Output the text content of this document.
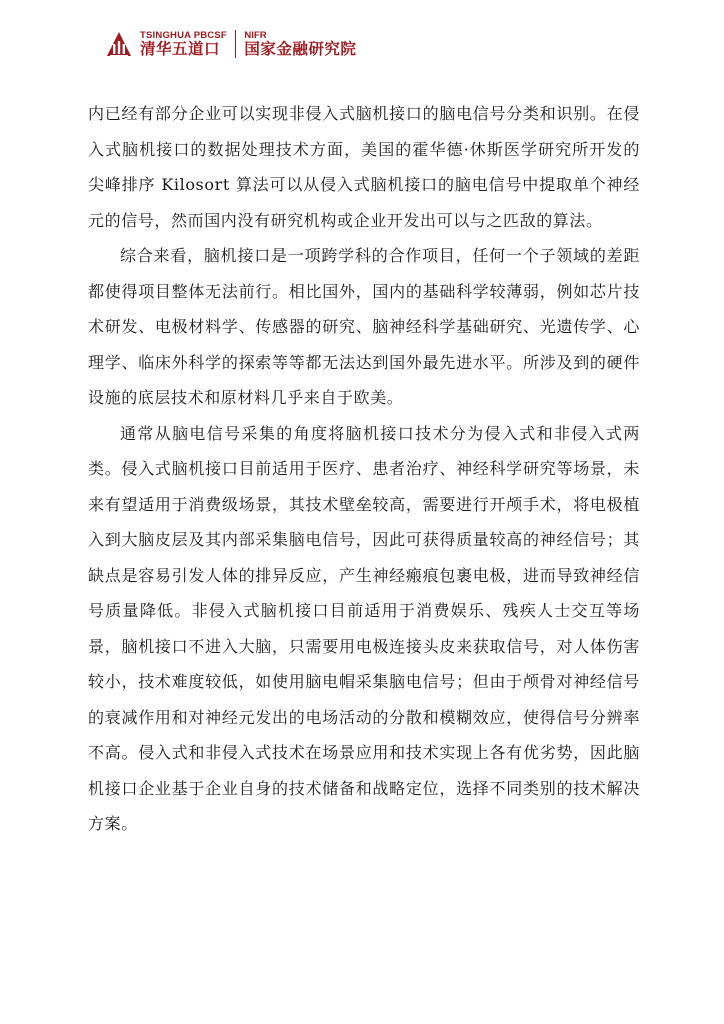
TSINGHUA PBCSF
清华五道口
NIFR
国家金融研究院

内已经有部分企业可以实现非侵入式脑机接口的脑电信号分类和识别。在侵入式脑机接口的数据处理技术方面，美国的霍华德·休斯医学研究所开发的尖峰排序 Kilosort 算法可以从侵入式脑机接口的脑电信号中提取单个神经元的信号，然而国内没有研究机构或企业开发出可以与之匹敌的算法。

综合来看，脑机接口是一项跨学科的合作项目，任何一个子领域的差距都使得项目整体无法前行。相比国外，国内的基础科学较薄弱，例如芯片技术研发、电极材料学、传感器的研究、脑神经科学基础研究、光遗传学、心理学、临床外科学的探索等等都无法达到国外最先进水平。所涉及到的硬件设施的底层技术和原材料几乎来自于欧美。

通常从脑电信号采集的角度将脑机接口技术分为侵入式和非侵入式两类。侵入式脑机接口目前适用于医疗、患者治疗、神经科学研究等场景，未来有望适用于消费级场景，其技术壁垒较高，需要进行开颅手术，将电极植入到大脑皮层及其内部采集脑电信号，因此可获得质量较高的神经信号；其缺点是容易引发人体的排异反应，产生神经瘢痕包裹电极，进而导致神经信号质量降低。非侵入式脑机接口目前适用于消费娱乐、残疾人士交互等场景，脑机接口不进入大脑，只需要用电极连接头皮来获取信号，对人体伤害较小，技术难度较低，如使用脑电帽采集脑电信号；但由于颅骨对神经信号的衰减作用和对神经元发出的电场活动的分散和模糊效应，使得信号分辨率不高。侵入式和非侵入式技术在场景应用和技术实现上各有优劣势，因此脑机接口企业基于企业自身的技术储备和战略定位，选择不同类别的技术解决方案。
